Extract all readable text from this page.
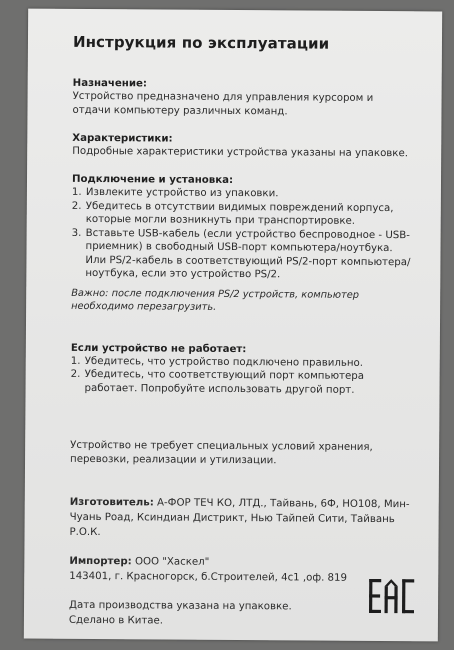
Инструкция по эксплуатации
Назначение:
Устройство предназначено для управления курсором и отдачи компьютеру различных команд.
Характеристики:
Подробные характеристики устройства указаны на упаковке.
Подключение и установка:
1. Извлеките устройство из упаковки.
2. Убедитесь в отсутствии видимых повреждений корпуса, которые могли возникнуть при транспортировке.
3. Вставьте USB-кабель (если устройство беспроводное - USB-приемник) в свободный USB-порт компьютера/ноутбука. Или PS/2-кабель в соответствующий PS/2-порт компьютера/ноутбука, если это устройство PS/2.
Важно: после подключения PS/2 устройств, компьютер необходимо перезагрузить.
Если устройство не работает:
1. Убедитесь, что устройство подключено правильно.
2. Убедитесь, что соответствующий порт компьютера работает. Попробуйте использовать другой порт.
Устройство не требует специальных условий хранения, перевозки, реализации и утилизации.
Изготовитель: А-ФОР ТЕЧ КО, ЛТД., Тайвань, 6Ф, НО108, Мин-Чуань Роад, Ксиндиан Дистрикт, Нью Тайпей Сити, Тайвань Р.О.К.
Импортер: ООО "Хаскел"
143401, г. Красногорск, б.Строителей, 4с1 ,оф. 819
Дата производства указана на упаковке.
Сделано в Китае.
